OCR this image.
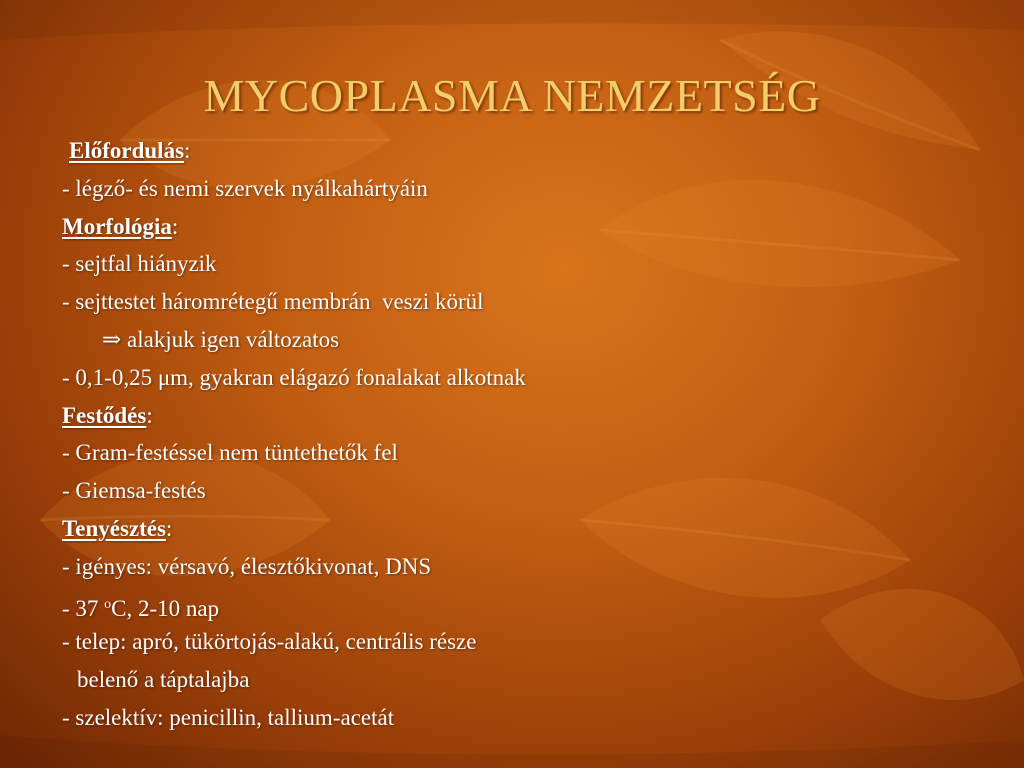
MYCOPLASMA NEMZETSÉG
Előfordulás:
- légző- és nemi szervek nyálkahártyáin
Morfológia:
- sejtfal hiányzik
- sejttestet háromrétegű membrán  veszi körül
⇒ alakjuk igen változatos
- 0,1-0,25 μm, gyakran elágazó fonalakat alkotnak
Festődés:
- Gram-festéssel nem tüntethetők fel
- Giemsa-festés
Tenyésztés:
- igényes: vérsavó, élesztőkivonat, DNS
- 37 $^o$C, 2-10 nap
- telep: apró, tükörtojás-alakú, centrális része
belenő a táptalajba
- szelektív: penicillin, tallium-acetát
